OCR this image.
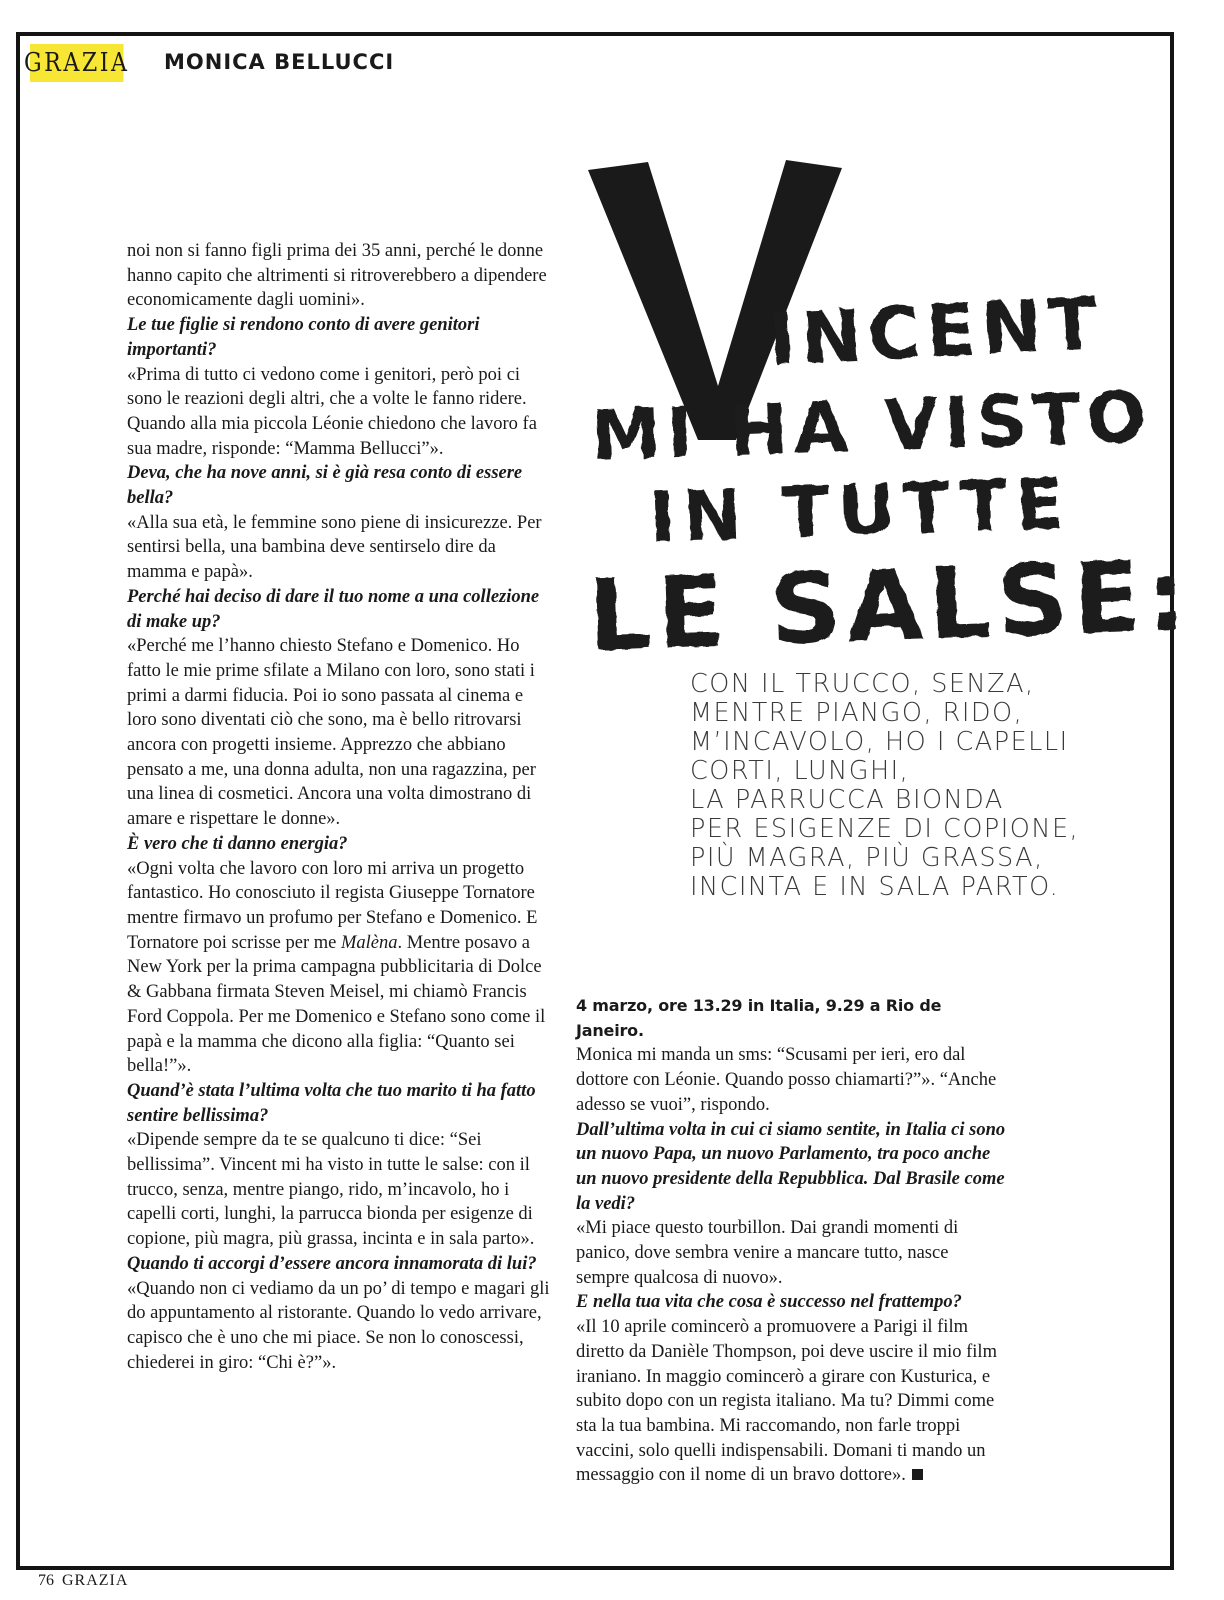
GRAZIA MONICA BELLUCCI
INCENT
MI HA VISTO
IN TUTTE
LE SALSE:

CON IL TRUCCO, SENZA,

MENTRE PIANGO, RIDO,

M’INCAVOLO, HO I CAPELLI

CORTI, LUNGHI,

LA PARRUCCA BIONDA

PER ESIGENZE DI COPIONE,

PIÙ MAGRA, PIÙ GRASSA,

INCINTA E IN SALA PARTO.

noi non si fanno figli prima dei 35 anni, perché le donne hanno capito che altrimenti si ritroverebbero a dipendere economicamente dagli uomini».

Le tue figlie si rendono conto di avere genitori importanti?

«Prima di tutto ci vedono come i genitori, però poi ci sono le reazioni degli altri, che a volte le fanno ridere. Quando alla mia piccola Léonie chiedono che lavoro fa sua madre, risponde: “Mamma Bellucci”».

Deva, che ha nove anni, si è già resa conto di essere bella?

«Alla sua età, le femmine sono piene di insicurezze. Per sentirsi bella, una bambina deve sentirselo dire da mamma e papà».

Perché hai deciso di dare il tuo nome a una collezione di make up?

«Perché me l’hanno chiesto Stefano e Domenico. Ho fatto le mie prime sfilate a Milano con loro, sono stati i primi a darmi fiducia. Poi io sono passata al cinema e loro sono diventati ciò che sono, ma è bello ritrovarsi ancora con progetti insieme. Apprezzo che abbiano pensato a me, una donna adulta, non una ragazzina, per una linea di cosmetici. Ancora una volta dimostrano di amare e rispettare le donne».

È vero che ti danno energia?

«Ogni volta che lavoro con loro mi arriva un progetto fantastico. Ho conosciuto il regista Giuseppe Tornatore mentre firmavo un profumo per Stefano e Domenico. E Tornatore poi scrisse per me Malèna. Mentre posavo a New York per la prima campagna pubblicitaria di Dolce & Gabbana firmata Steven Meisel, mi chiamò Francis Ford Coppola. Per me Domenico e Stefano sono come il papà e la mamma che dicono alla figlia: “Quanto sei bella!”».

Quand’è stata l’ultima volta che tuo marito ti ha fatto sentire bellissima?

«Dipende sempre da te se qualcuno ti dice: “Sei bellissima”. Vincent mi ha visto in tutte le salse: con il trucco, senza, mentre piango, rido, m’incavolo, ho i capelli corti, lunghi, la parrucca bionda per esigenze di copione, più magra, più grassa, incinta e in sala parto».

Quando ti accorgi d’essere ancora innamorata di lui?

«Quando non ci vediamo da un po’ di tempo e magari gli do appuntamento al ristorante. Quando lo vedo arrivare, capisco che è uno che mi piace. Se non lo conoscessi, chiederei in giro: “Chi è?”».

4 marzo, ore 13.29 in Italia, 9.29 a Rio de Janeiro.

Monica mi manda un sms: “Scusami per ieri, ero dal dottore con Léonie. Quando posso chiamarti?”». “Anche adesso se vuoi”, rispondo.

Dall’ultima volta in cui ci siamo sentite, in Italia ci sono un nuovo Papa, un nuovo Parlamento, tra poco anche un nuovo presidente della Repubblica. Dal Brasile come la vedi?

«Mi piace questo tourbillon. Dai grandi momenti di panico, dove sembra venire a mancare tutto, nasce sempre qualcosa di nuovo».

E nella tua vita che cosa è successo nel frattempo?

«Il 10 aprile comincerò a promuovere a Parigi il film diretto da Danièle Thompson, poi deve uscire il mio film iraniano. In maggio comincerò a girare con Kusturica, e subito dopo con un regista italiano. Ma tu? Dimmi come sta la tua bambina. Mi raccomando, non farle troppi vaccini, solo quelli indispensabili. Domani ti mando un messaggio con il nome di un bravo dottore».

76 GRAZIA
